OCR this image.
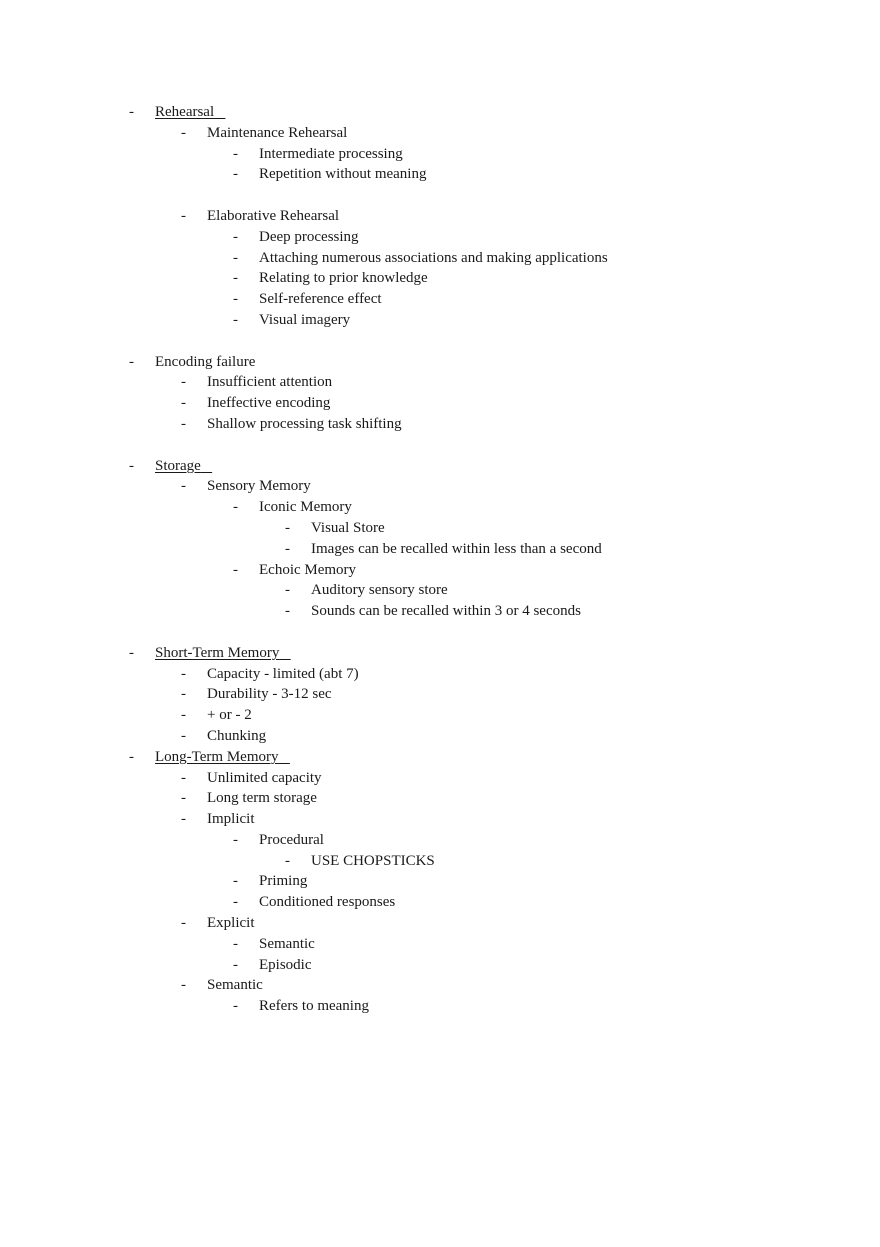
- Rehearsal
- Maintenance Rehearsal
- Intermediate processing
- Repetition without meaning
- Elaborative Rehearsal
- Deep processing
- Attaching numerous associations and making applications
- Relating to prior knowledge
- Self-reference effect
- Visual imagery
- Encoding failure
- Insufficient attention
- Ineffective encoding
- Shallow processing task shifting
- Storage
- Sensory Memory
- Iconic Memory
- Visual Store
- Images can be recalled within less than a second
- Echoic Memory
- Auditory sensory store
- Sounds can be recalled within 3 or 4 seconds
- Short-Term Memory
- Capacity - limited (abt 7)
- Durability - 3-12 sec
- + or - 2
- Chunking
- Long-Term Memory
- Unlimited capacity
- Long term storage
- Implicit
- Procedural
- USE CHOPSTICKS
- Priming
- Conditioned responses
- Explicit
- Semantic
- Episodic
- Semantic
- Refers to meaning
